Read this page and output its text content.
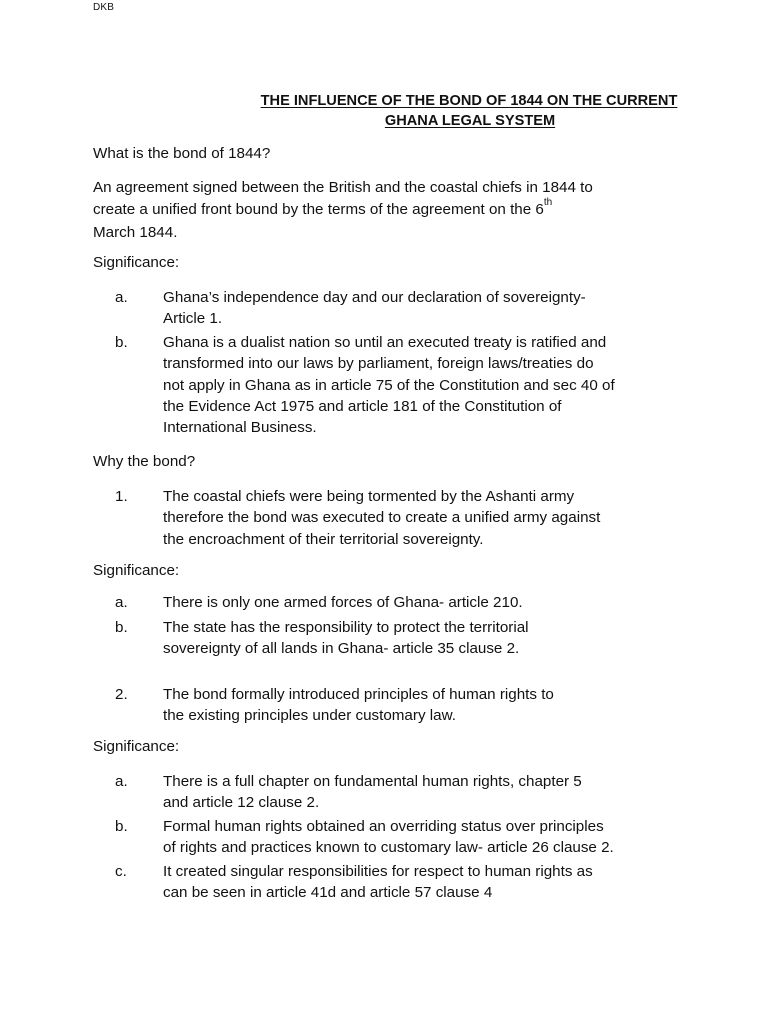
DKB
THE INFLUENCE OF THE BOND OF 1844 ON THE CURRENT
GHANA LEGAL SYSTEM
What is the bond of 1844?
An agreement signed between the British and the coastal chiefs in 1844 to
create a unified front bound by the terms of the agreement on the 6th
March 1844.
Significance:
a. Ghana’s independence day and our declaration of sovereignty-
Article 1.
b. Ghana is a dualist nation so until an executed treaty is ratified and
transformed into our laws by parliament, foreign laws/treaties do
not apply in Ghana as in article 75 of the Constitution and sec 40 of
the Evidence Act 1975 and article 181 of the Constitution of
International Business.
Why the bond?
1. The coastal chiefs were being tormented by the Ashanti army
therefore the bond was executed to create a unified army against
the encroachment of their territorial sovereignty.
Significance:
a. There is only one armed forces of Ghana- article 210.
b. The state has the responsibility to protect the territorial
sovereignty of all lands in Ghana- article 35 clause 2.
2. The bond formally introduced principles of human rights to
the existing principles under customary law.
Significance:
a. There is a full chapter on fundamental human rights, chapter 5
and article 12 clause 2.
b. Formal human rights obtained an overriding status over principles
of rights and practices known to customary law- article 26 clause 2.
c. It created singular responsibilities for respect to human rights as
can be seen in article 41d and article 57 clause 4
